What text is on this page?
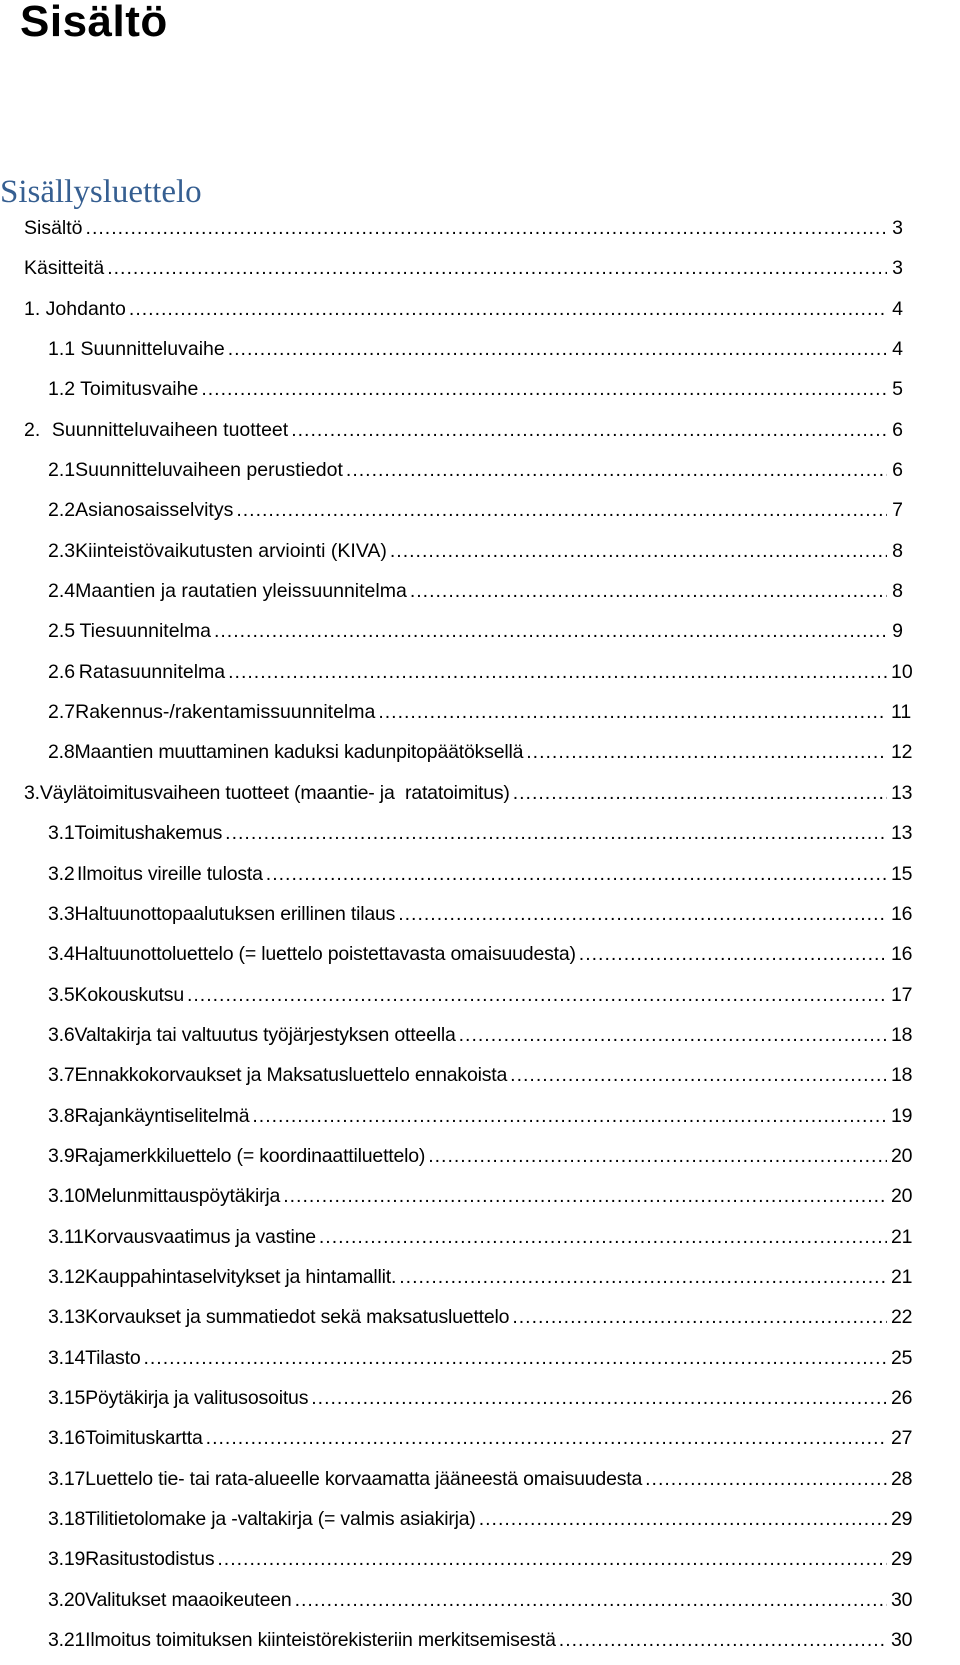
Sisältö
Sisällysluettelo
Sisältö .....	3
Käsitteitä .....	3
1. Johdanto .....	4
1.1 Suunnitteluvaihe .....	4
1.2 Toimitusvaihe .....	5
2. Suunnitteluvaiheen tuotteet .....	6
2.1 Suunnitteluvaiheen perustiedot .....	6
2.2 Asianosaisselvitys .....	7
2.3 Kiinteistövaikutusten arviointi (KIVA) .....	8
2.4 Maantien ja rautatien yleissuunnitelma .....	8
2.5 Tiesuunnitelma .....	9
2.6 Ratasuunnitelma .....	10
2.7 Rakennus-/rakentamissuunnitelma .....	11
2.8 Maantien muuttaminen kaduksi kadunpitopäätöksellä .....	12
3. Väylätoimitusvaiheen tuotteet (maantie- ja  ratatoimitus) .....	13
3.1 Toimitushakemus .....	13
3.2 Ilmoitus vireille tulosta .....	15
3.3 Haltuunottopaalutuksen erillinen tilaus .....	16
3.4 Haltuunottoluettelo (= luettelo poistettavasta omaisuudesta) .....	16
3.5 Kokouskutsu .....	17
3.6 Valtakirja tai valtuutus työjärjestyksen otteella .....	18
3.7 Ennakkokorvaukset ja Maksatusluettelo ennakoista .....	18
3.8 Rajankäyntiselitelmä .....	19
3.9 Rajamerkkiluettelo (= koordinaattiluettelo) .....	20
3.10 Melunmittauspöytäkirja .....	20
3.11 Korvausvaatimus ja vastine .....	21
3.12 Kauppahintaselvitykset ja hintamallit. .....	21
3.13 Korvaukset ja summatiedot sekä maksatusluettelo .....	22
3.14 Tilasto .....	25
3.15 Pöytäkirja ja valitusosoitus .....	26
3.16 Toimituskartta .....	27
3.17 Luettelo tie- tai rata-alueelle korvaamatta jääneestä omaisuudesta .....	28
3.18 Tilitietolomake ja -valtakirja (= valmis asiakirja) .....	29
3.19 Rasitustodistus .....	29
3.20 Valitukset maaoikeuteen .....	30
3.21 Ilmoitus toimituksen kiinteistörekisteriin merkitsemisestä .....	30
